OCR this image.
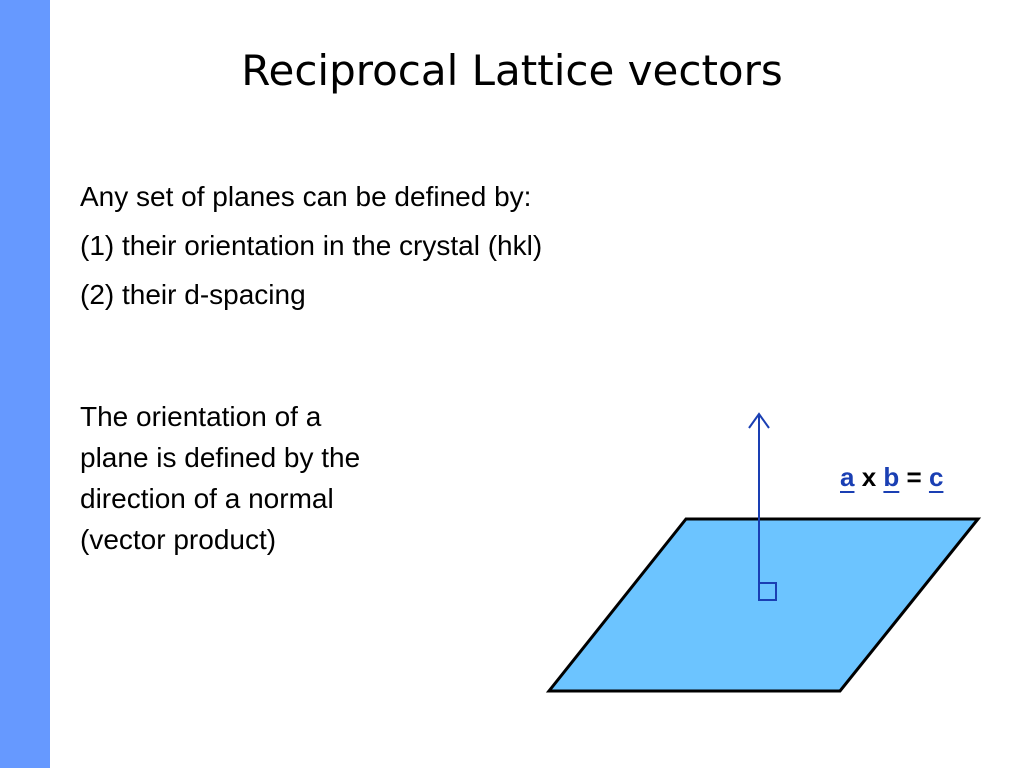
Reciprocal Lattice vectors
Any set of planes can be defined by:
(1) their orientation in the crystal (hkl)
(2) their d-spacing
The orientation of a
plane is defined by the
direction of a normal
(vector product)
a x b = c
